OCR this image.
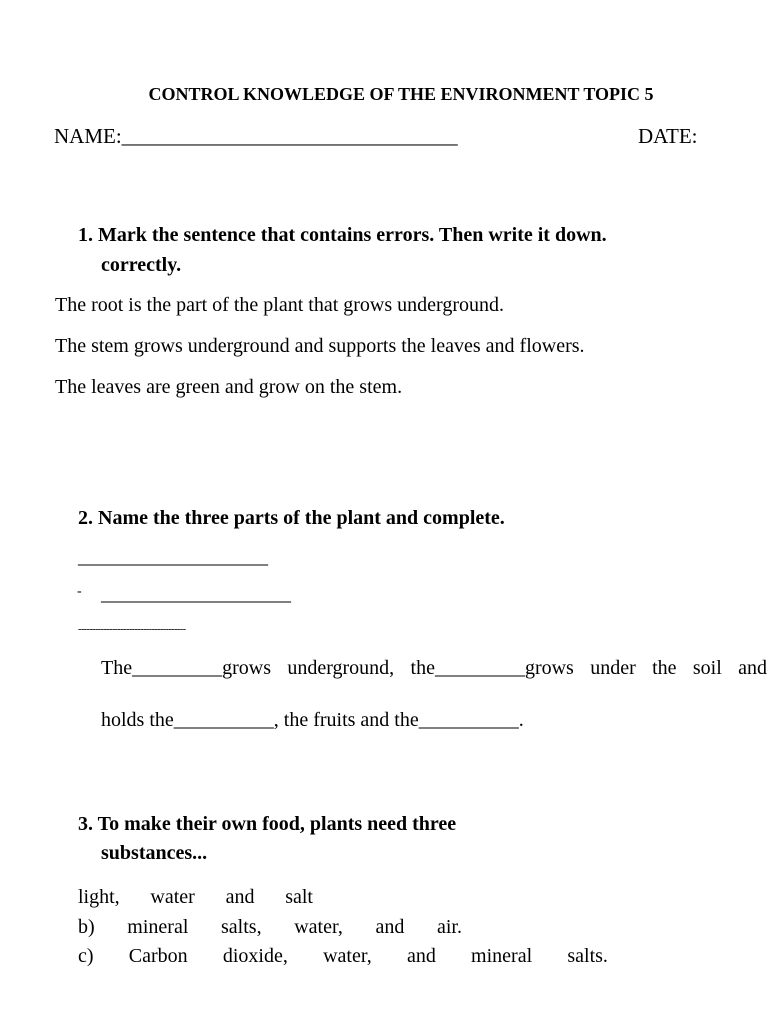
CONTROL KNOWLEDGE OF THE ENVIRONMENT TOPIC 5
NAME:________________________________	DATE:
1. Mark the sentence that contains errors. Then write it down.
correctly.
The root is the part of the plant that grows underground.
The stem grows underground and supports the leaves and flowers.
The leaves are green and grow on the stem.
2. Name the three parts of the plant and complete.
___________________
- ___________________
--------------------------------------
The_________grows underground, the_________grows under the soil and
holds the__________, the fruits and the__________.
3. To make their own food, plants need three
substances...
light, water and salt
b) mineral salts, water, and air.
c) Carbon dioxide, water, and mineral salts.
